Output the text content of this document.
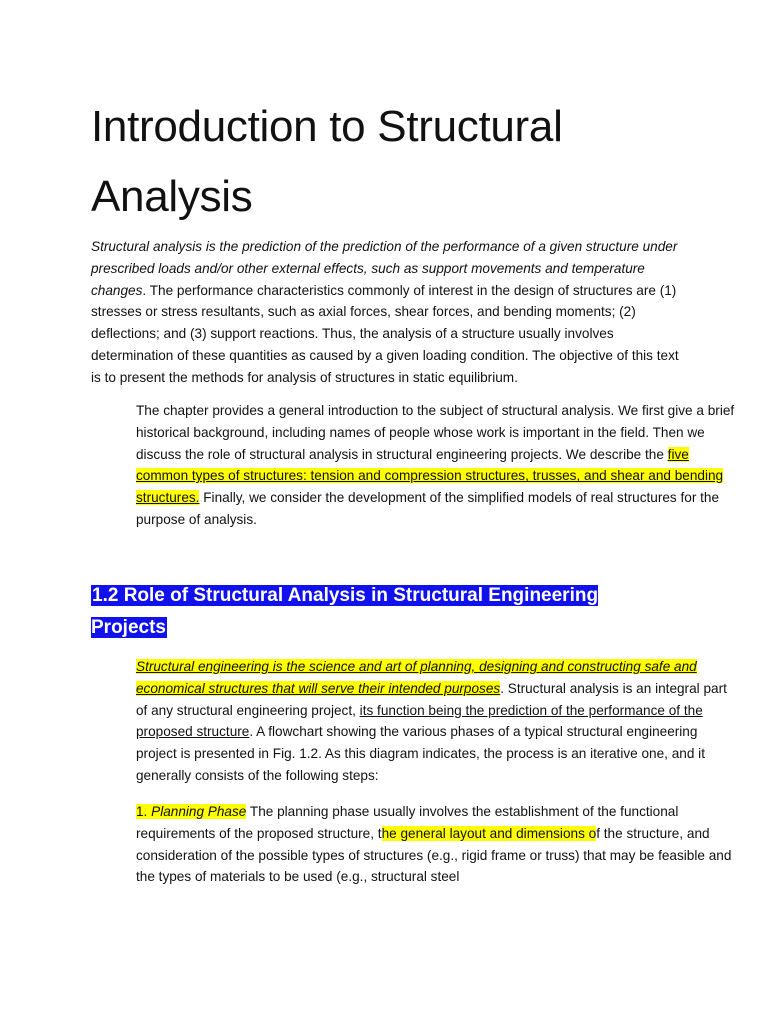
Introduction to Structural Analysis

Structural analysis is the prediction of the prediction of the performance of a given structure under prescribed loads and/or other external effects, such as support movements and temperature changes. The performance characteristics commonly of interest in the design of structures are (1) stresses or stress resultants, such as axial forces, shear forces, and bending moments; (2) deflections; and (3) support reactions. Thus, the analysis of a structure usually involves determination of these quantities as caused by a given loading condition. The objective of this text is to present the methods for analysis of structures in static equilibrium.

The chapter provides a general introduction to the subject of structural analysis. We first give a brief historical background, including names of people whose work is important in the field. Then we discuss the role of structural analysis in structural engineering projects. We describe the five common types of structures: tension and compression structures, trusses, and shear and bending structures. Finally, we consider the development of the simplified models of real structures for the purpose of analysis.

1.2 Role of Structural Analysis in Structural Engineering Projects

Structural engineering is the science and art of planning, designing and constructing safe and economical structures that will serve their intended purposes. Structural analysis is an integral part of any structural engineering project, its function being the prediction of the performance of the proposed structure. A flowchart showing the various phases of a typical structural engineering project is presented in Fig. 1.2. As this diagram indicates, the process is an iterative one, and it generally consists of the following steps:

1. Planning Phase The planning phase usually involves the establishment of the functional requirements of the proposed structure, the general layout and dimensions of the structure, and consideration of the possible types of structures (e.g., rigid frame or truss) that may be feasible and the types of materials to be used (e.g., structural steel
